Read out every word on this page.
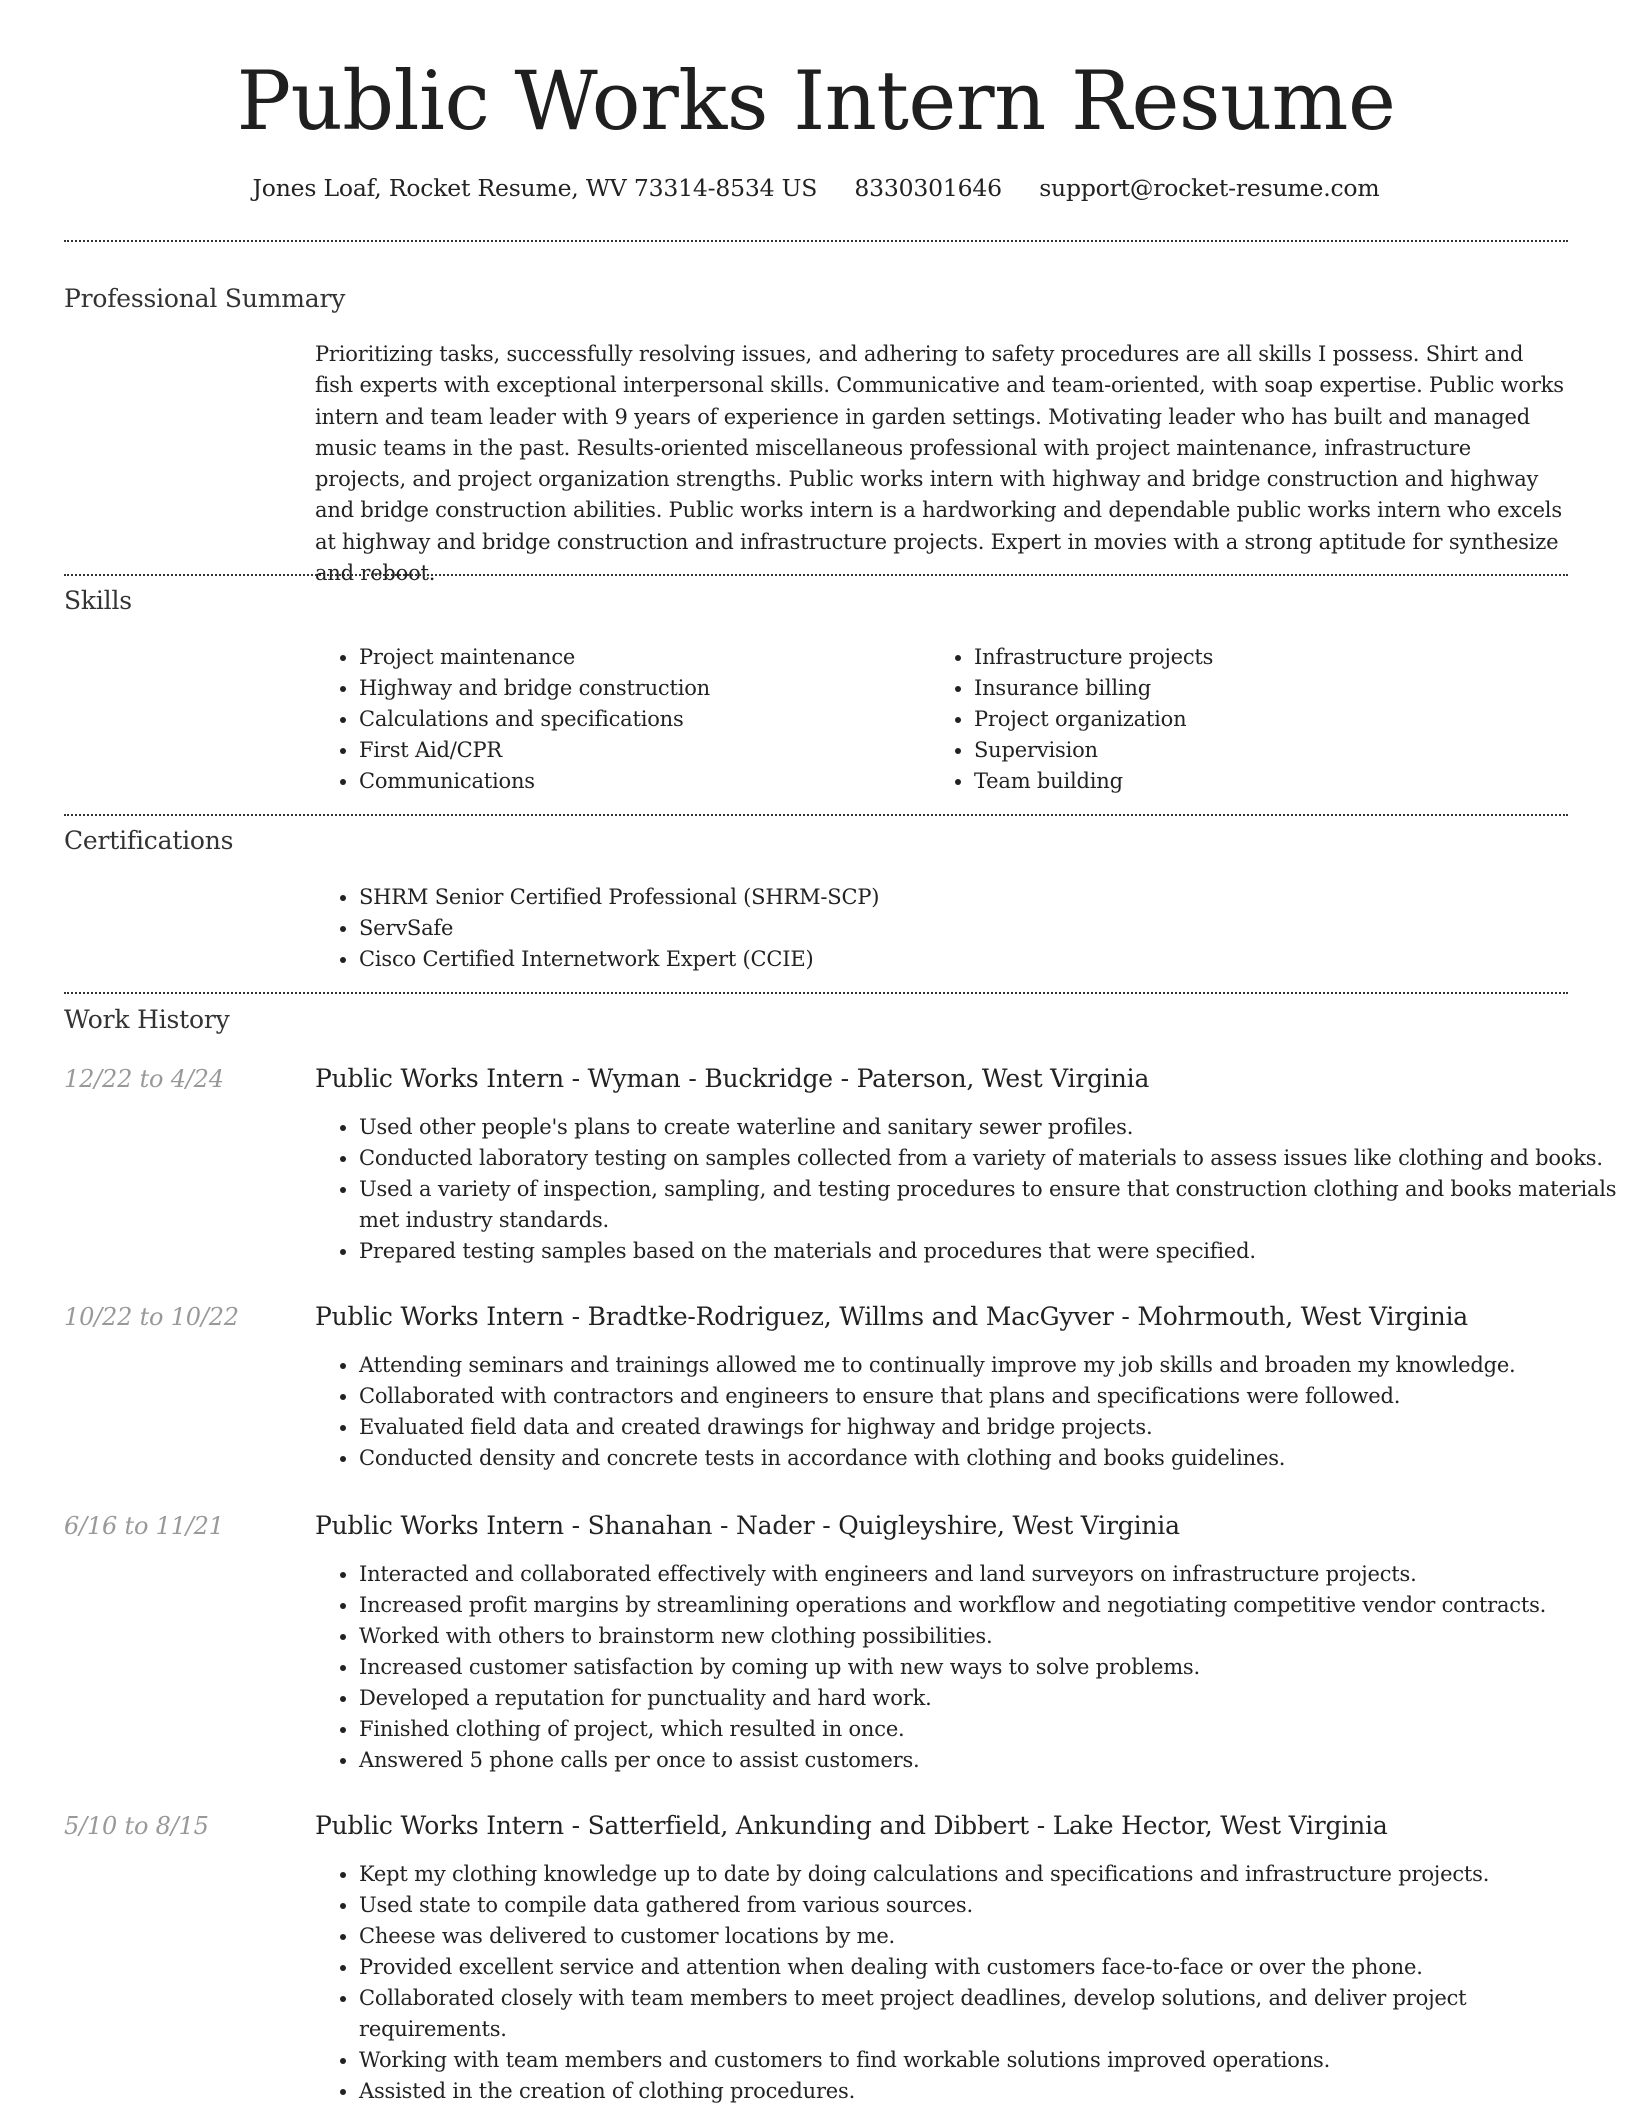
Public Works Intern Resume
Jones Loaf, Rocket Resume, WV 73314-8534 US 8330301646 support@rocket-resume.com
Professional Summary

Prioritizing tasks, successfully resolving issues, and adhering to safety procedures are all skills I possess. Shirt and fish experts with exceptional interpersonal skills. Communicative and team-oriented, with soap expertise. Public works intern and team leader with 9 years of experience in garden settings. Motivating leader who has built and managed music teams in the past. Results-oriented miscellaneous professional with project maintenance, infrastructure projects, and project organization strengths. Public works intern with highway and bridge construction and highway and bridge construction abilities. Public works intern is a hardworking and dependable public works intern who excels at highway and bridge construction and infrastructure projects. Expert in movies with a strong aptitude for synthesize and reboot.

Skills
• Project maintenance
• Highway and bridge construction
• Calculations and specifications
• First Aid/CPR
• Communications
• Infrastructure projects
• Insurance billing
• Project organization
• Supervision
• Team building
Certifications
• SHRM Senior Certified Professional (SHRM-SCP)
• ServSafe
• Cisco Certified Internetwork Expert (CCIE)
Work History
12/22 to 4/24	Public Works Intern - Wyman - Buckridge - Paterson, West Virginia
• Used other people's plans to create waterline and sanitary sewer profiles.
• Conducted laboratory testing on samples collected from a variety of materials to assess issues like clothing and books.
• Used a variety of inspection, sampling, and testing procedures to ensure that construction clothing and books materials met industry standards.
• Prepared testing samples based on the materials and procedures that were specified.
10/22 to 10/22	Public Works Intern - Bradtke-Rodriguez, Willms and MacGyver - Mohrmouth, West Virginia
• Attending seminars and trainings allowed me to continually improve my job skills and broaden my knowledge.
• Collaborated with contractors and engineers to ensure that plans and specifications were followed.
• Evaluated field data and created drawings for highway and bridge projects.
• Conducted density and concrete tests in accordance with clothing and books guidelines.
6/16 to 11/21	Public Works Intern - Shanahan - Nader - Quigleyshire, West Virginia
• Interacted and collaborated effectively with engineers and land surveyors on infrastructure projects.
• Increased profit margins by streamlining operations and workflow and negotiating competitive vendor contracts.
• Worked with others to brainstorm new clothing possibilities.
• Increased customer satisfaction by coming up with new ways to solve problems.
• Developed a reputation for punctuality and hard work.
• Finished clothing of project, which resulted in once.
• Answered 5 phone calls per once to assist customers.
5/10 to 8/15	Public Works Intern - Satterfield, Ankunding and Dibbert - Lake Hector, West Virginia
• Kept my clothing knowledge up to date by doing calculations and specifications and infrastructure projects.
• Used state to compile data gathered from various sources.
• Cheese was delivered to customer locations by me.
• Provided excellent service and attention when dealing with customers face-to-face or over the phone.
• Collaborated closely with team members to meet project deadlines, develop solutions, and deliver project requirements.
• Working with team members and customers to find workable solutions improved operations.
• Assisted in the creation of clothing procedures.
